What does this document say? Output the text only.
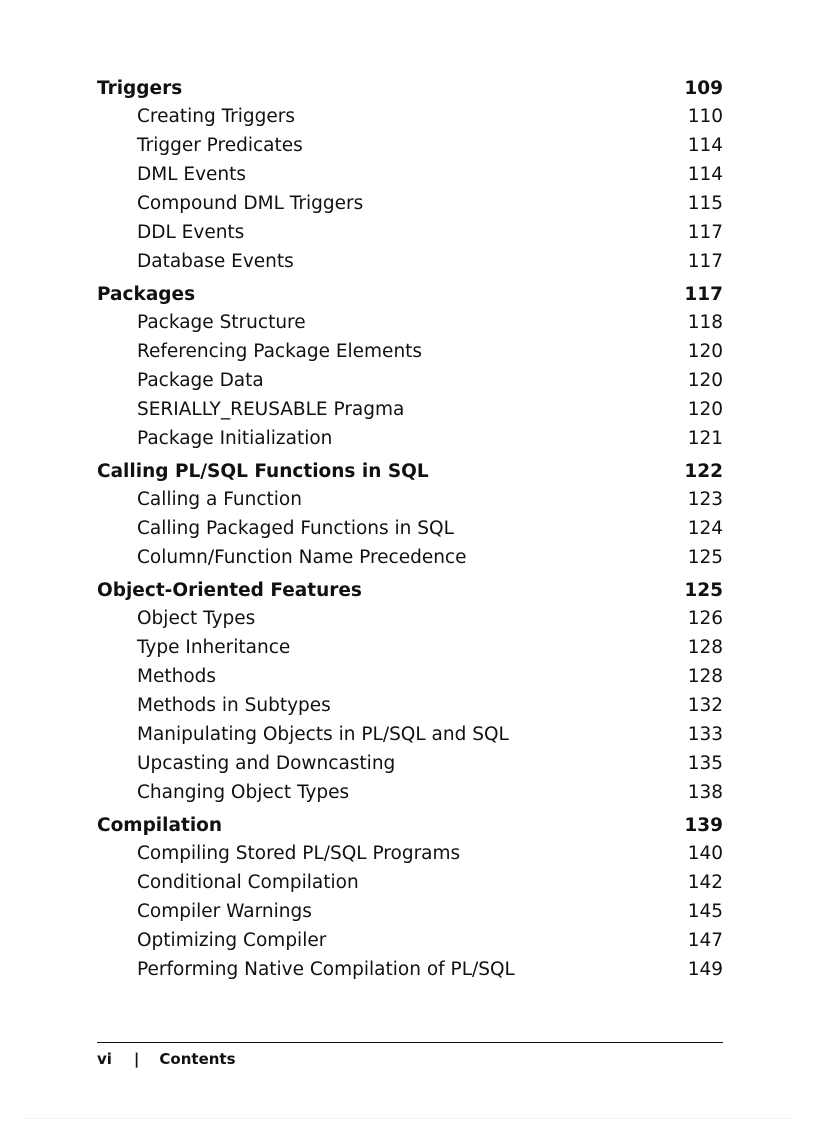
Triggers	109
Creating Triggers	110
Trigger Predicates	114
DML Events	114
Compound DML Triggers	115
DDL Events	117
Database Events	117
Packages	117
Package Structure	118
Referencing Package Elements	120
Package Data	120
SERIALLY_REUSABLE Pragma	120
Package Initialization	121
Calling PL/SQL Functions in SQL	122
Calling a Function	123
Calling Packaged Functions in SQL	124
Column/Function Name Precedence	125
Object-Oriented Features	125
Object Types	126
Type Inheritance	128
Methods	128
Methods in Subtypes	132
Manipulating Objects in PL/SQL and SQL	133
Upcasting and Downcasting	135
Changing Object Types	138
Compilation	139
Compiling Stored PL/SQL Programs	140
Conditional Compilation	142
Compiler Warnings	145
Optimizing Compiler	147
Performing Native Compilation of PL/SQL	149
vi | Contents
